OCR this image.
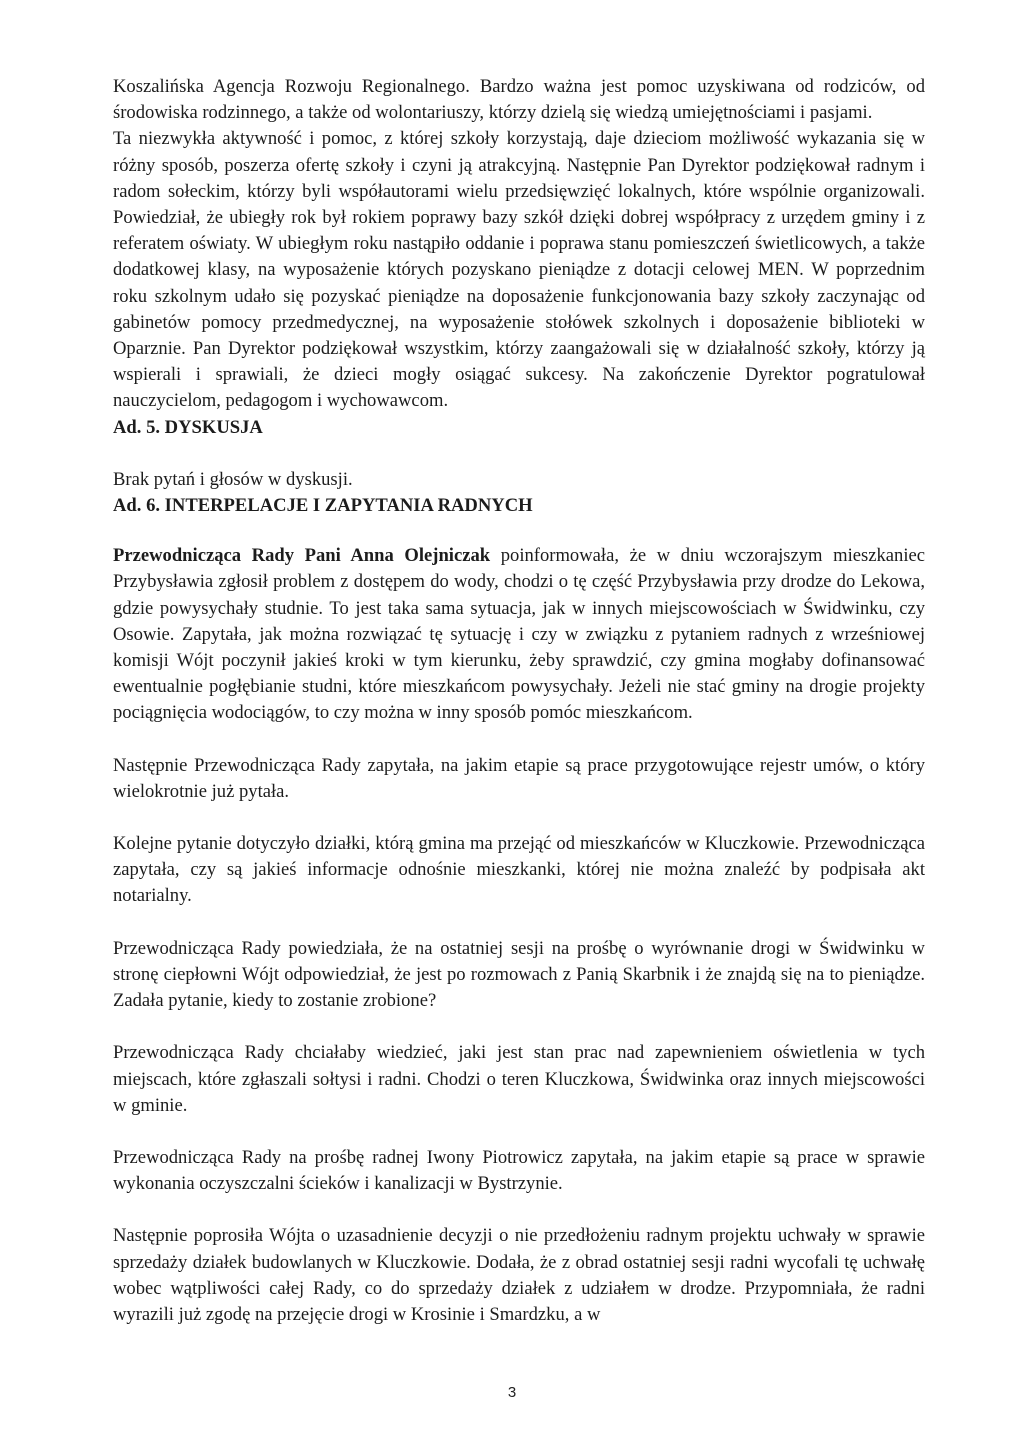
Koszalińska Agencja Rozwoju Regionalnego. Bardzo ważna jest pomoc uzyskiwana od rodziców, od środowiska rodzinnego, a także od wolontariuszy, którzy dzielą się wiedzą umiejętnościami i pasjami.

Ta niezwykła aktywność i pomoc, z której szkoły korzystają, daje dzieciom możliwość wykazania się w różny sposób, poszerza ofertę szkoły i czyni ją atrakcyjną. Następnie Pan Dyrektor podziękował radnym i radom sołeckim, którzy byli współautorami wielu przedsięwzięć lokalnych, które wspólnie organizowali. Powiedział, że ubiegły rok był rokiem poprawy bazy szkół dzięki dobrej współpracy z urzędem gminy i z referatem oświaty. W ubiegłym roku nastąpiło oddanie i poprawa stanu pomieszczeń świetlicowych, a także dodatkowej klasy, na wyposażenie których pozyskano pieniądze z dotacji celowej MEN. W poprzednim roku szkolnym udało się pozyskać pieniądze na doposażenie funkcjonowania bazy szkoły zaczynając od gabinetów pomocy przedmedycznej, na wyposażenie stołówek szkolnych i doposażenie biblioteki w Oparznie. Pan Dyrektor podziękował wszystkim, którzy zaangażowali się w działalność szkoły, którzy ją wspierali i sprawiali, że dzieci mogły osiągać sukcesy. Na zakończenie Dyrektor pogratulował nauczycielom, pedagogom i wychowawcom.

Ad. 5. DYSKUSJA

Brak pytań i głosów w dyskusji.

Ad. 6. INTERPELACJE I ZAPYTANIA RADNYCH

Przewodnicząca Rady Pani Anna Olejniczak poinformowała, że w dniu wczorajszym mieszkaniec Przybysławia zgłosił problem z dostępem do wody, chodzi o tę część Przybysławia przy drodze do Lekowa, gdzie powysychały studnie. To jest taka sama sytuacja, jak w innych miejscowościach w Świdwinku, czy Osowie. Zapytała, jak można rozwiązać tę sytuację i czy w związku z pytaniem radnych z wrześniowej komisji Wójt poczynił jakieś kroki w tym kierunku, żeby sprawdzić, czy gmina mogłaby dofinansować ewentualnie pogłębianie studni, które mieszkańcom powysychały. Jeżeli nie stać gminy na drogie projekty pociągnięcia wodociągów, to czy można w inny sposób pomóc mieszkańcom.

Następnie Przewodnicząca Rady zapytała, na jakim etapie są prace przygotowujące rejestr umów, o który wielokrotnie już pytała.

Kolejne pytanie dotyczyło działki, którą gmina ma przejąć od mieszkańców w Kluczkowie. Przewodnicząca zapytała, czy są jakieś informacje odnośnie mieszkanki, której nie można znaleźć by podpisała akt notarialny.

Przewodnicząca Rady powiedziała, że na ostatniej sesji na prośbę o wyrównanie drogi w Świdwinku w stronę ciepłowni Wójt odpowiedział, że jest po rozmowach z Panią Skarbnik i że znajdą się na to pieniądze. Zadała pytanie, kiedy to zostanie zrobione?

Przewodnicząca Rady chciałaby wiedzieć, jaki jest stan prac nad zapewnieniem oświetlenia w tych miejscach, które zgłaszali sołtysi i radni. Chodzi o teren Kluczkowa, Świdwinka oraz innych miejscowości w gminie.

Przewodnicząca Rady na prośbę radnej Iwony Piotrowicz zapytała, na jakim etapie są prace w sprawie wykonania oczyszczalni ścieków i kanalizacji w Bystrzynie.

Następnie poprosiła Wójta o uzasadnienie decyzji o nie przedłożeniu radnym projektu uchwały w sprawie sprzedaży działek budowlanych w Kluczkowie. Dodała, że z obrad ostatniej sesji radni wycofali tę uchwałę wobec wątpliwości całej Rady, co do sprzedaży działek z udziałem w drodze. Przypomniała, że radni wyrazili już zgodę na przejęcie drogi w Krosinie i Smardzku, a w

3
